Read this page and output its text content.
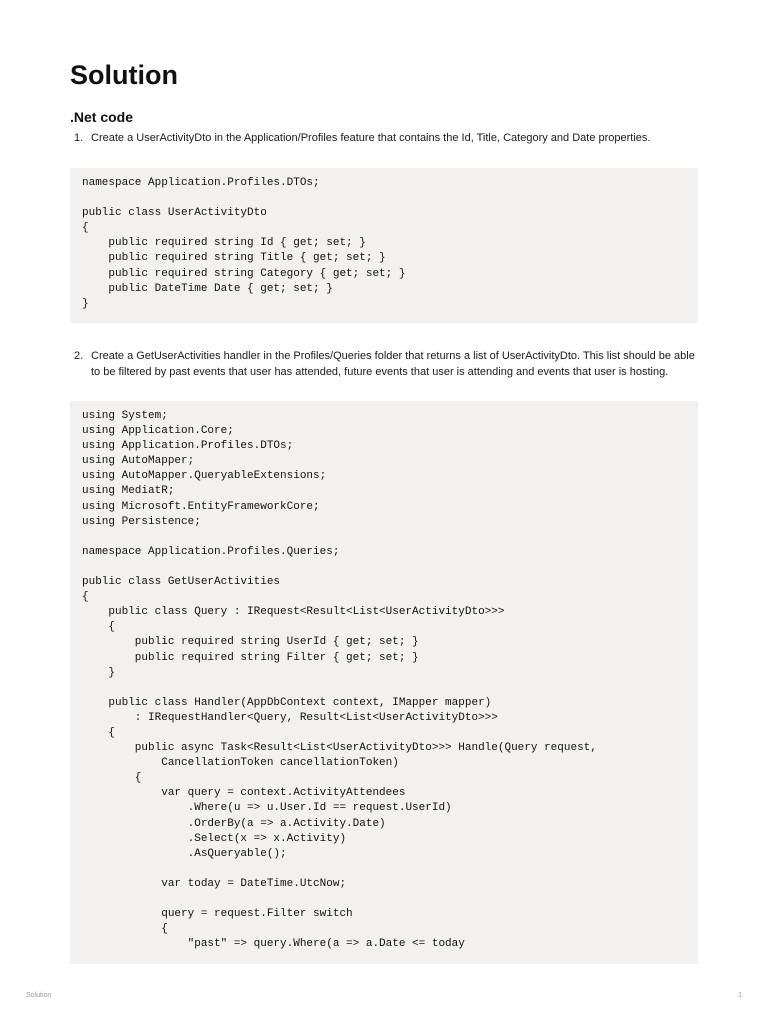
Solution
.Net code
1. Create a UserActivityDto in the Application/Profiles feature that contains the Id, Title, Category and Date properties.
namespace Application.Profiles.DTOs;
public class UserActivityDto
{
public required string Id { get; set; }
public required string Title { get; set; }
public required string Category { get; set; }
public DateTime Date { get; set; }
}
2. Create a GetUserActivities handler in the Profiles/Queries folder that returns a list of UserActivityDto. This list should be able to be filtered by past events that user has attended, future events that user is attending and events that user is hosting.
using System;
using Application.Core;
using Application.Profiles.DTOs;
using AutoMapper;
using AutoMapper.QueryableExtensions;
using MediatR;
using Microsoft.EntityFrameworkCore;
using Persistence;
namespace Application.Profiles.Queries;
public class GetUserActivities
{
public class Query : IRequest<Result<List<UserActivityDto>>>
{
public required string UserId { get; set; }
public required string Filter { get; set; }
}
public class Handler(AppDbContext context, IMapper mapper)
: IRequestHandler<Query, Result<List<UserActivityDto>>>
{
public async Task<Result<List<UserActivityDto>>> Handle(Query request,
CancellationToken cancellationToken)
{
var query = context.ActivityAttendees
.Where(u => u.User.Id == request.UserId)
.OrderBy(a => a.Activity.Date)
.Select(x => x.Activity)
.AsQueryable();
var today = DateTime.UtcNow;
query = request.Filter switch
{
"past" => query.Where(a => a.Date <= today
Solution	1
